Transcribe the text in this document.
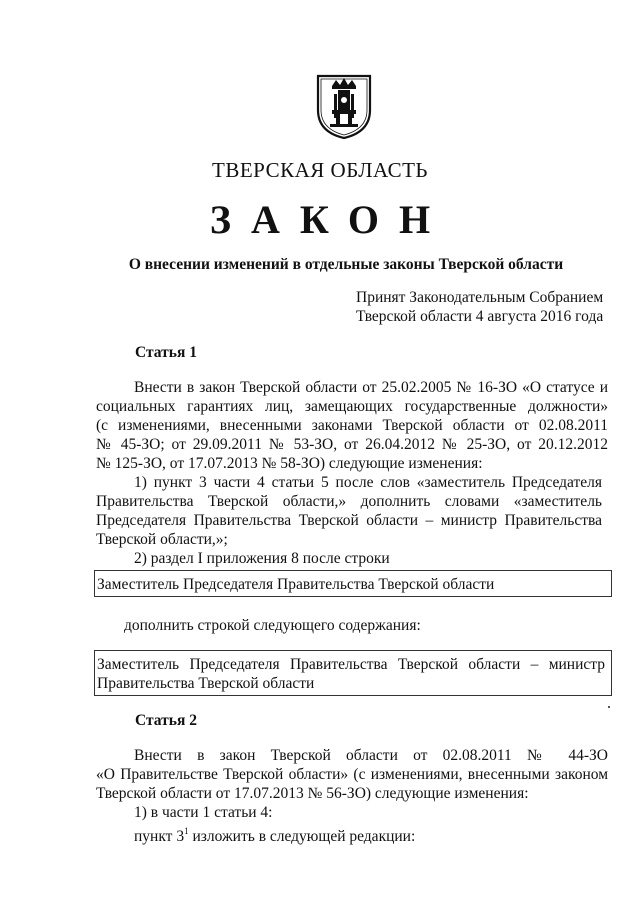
ТВЕРСКАЯ ОБЛАСТЬ
ЗАКОН
О внесении изменений в отдельные законы Тверской области
Принят Законодательным Собранием
Тверской области 4 августа 2016 года
Статья 1
Внести в закон Тверской области от 25.02.2005 № 16-ЗО «О статусе и
социальных гарантиях лиц, замещающих государственные должности»
(с изменениями, внесенными законами Тверской области от 02.08.2011
№ 45-ЗО; от 29.09.2011 № 53-ЗО, от 26.04.2012 № 25-ЗО, от 20.12.2012
№ 125-ЗО, от 17.07.2013 № 58-ЗО) следующие изменения:
1) пункт 3 части 4 статьи 5 после слов «заместитель Председателя
Правительства Тверской области,» дополнить словами «заместитель
Председателя Правительства Тверской области – министр Правительства
Тверской области,»;
2) раздел I приложения 8 после строки
Заместитель Председателя Правительства Тверской области
дополнить строкой следующего содержания:
Заместитель Председателя Правительства Тверской области – министр
Правительства Тверской области
Статья 2
Внести в закон Тверской области от 02.08.2011 № 44-ЗО
«О Правительстве Тверской области» (с изменениями, внесенными законом
Тверской области от 17.07.2013 № 56-ЗО) следующие изменения:
1) в части 1 статьи 4:
пункт $3^1$ изложить в следующей редакции:
